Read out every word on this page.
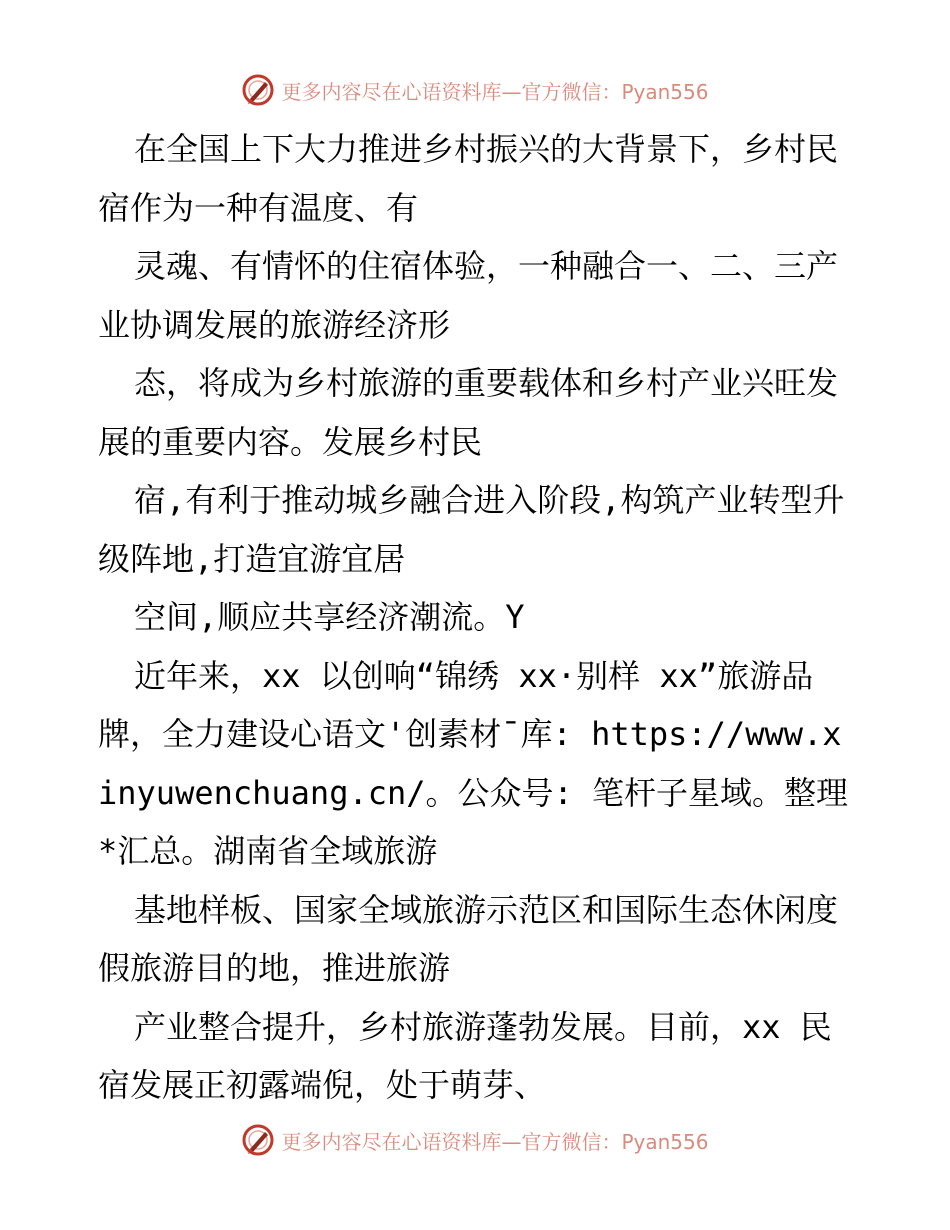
更多内容尽在心语资料库—官方微信：Pyan556

在全国上下大力推进乡村振兴的大背景下，乡村民宿作为一种有温度、有

灵魂、有情怀的住宿体验，一种融合一、二、三产业协调发展的旅游经济形

态，将成为乡村旅游的重要载体和乡村产业兴旺发展的重要内容。发展乡村民

宿,有利于推动城乡融合进入阶段,构筑产业转型升级阵地,打造宜游宜居

空间,顺应共享经济潮流。Y

近年来，xx 以创响“锦绣 xx·别样 xx”旅游品牌，全力建设心语文'创素材¯库: https://www.xinyuwenchuang.cn/。公众号: 笔杆子星域。整理*汇总。湖南省全域旅游

基地样板、国家全域旅游示范区和国际生态休闲度假旅游目的地，推进旅游

产业整合提升，乡村旅游蓬勃发展。目前，xx 民宿发展正初露端倪，处于萌芽、

更多内容尽在心语资料库—官方微信：Pyan556
